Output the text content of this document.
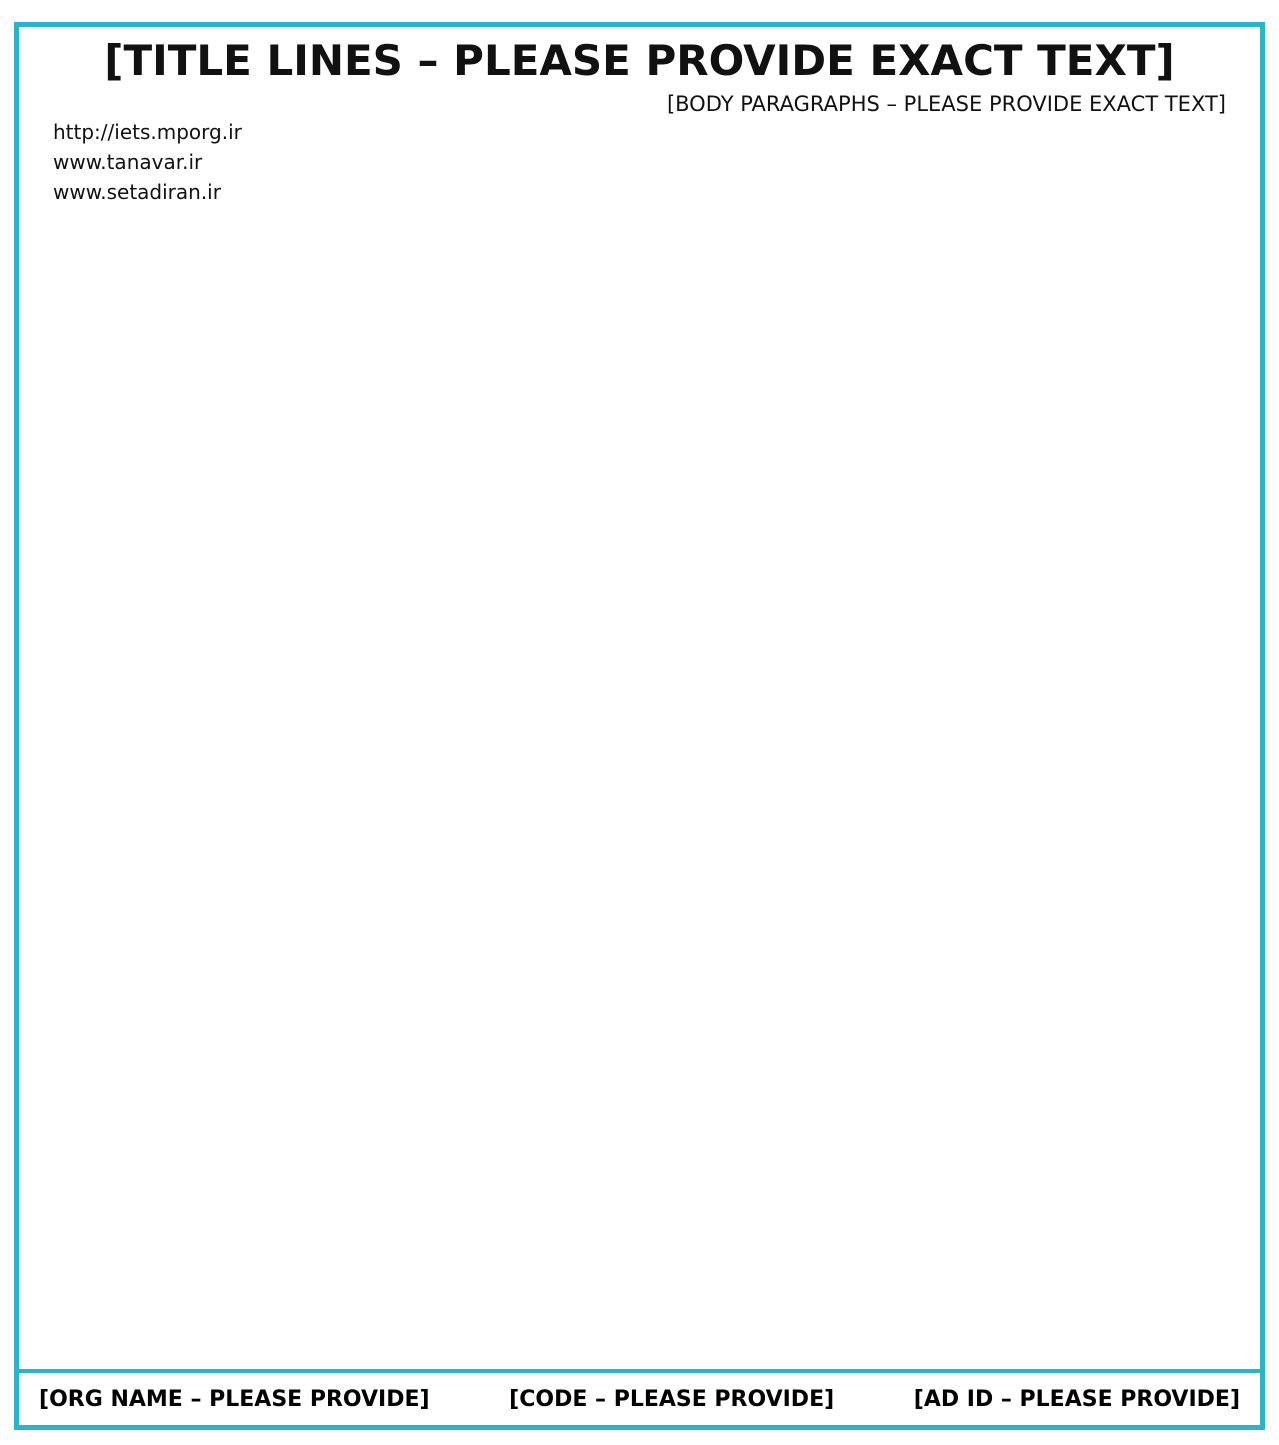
[TITLE LINES – PLEASE PROVIDE EXACT TEXT]
[BODY PARAGRAPHS – PLEASE PROVIDE EXACT TEXT]
http://iets.mporg.ir
www.tanavar.ir
www.setadiran.ir
[AD ID – PLEASE PROVIDE]
[CODE – PLEASE PROVIDE]
[ORG NAME – PLEASE PROVIDE]
